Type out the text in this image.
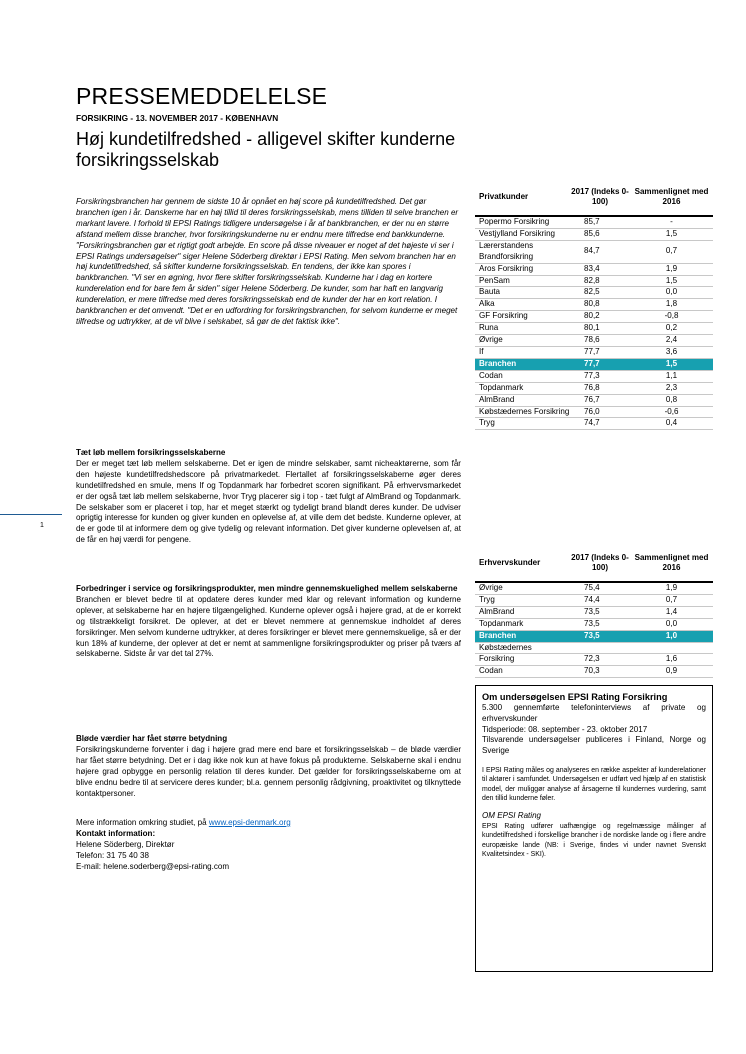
PRESSEMEDDELELSE
FORSIKRING - 13. NOVEMBER 2017 - KØBENHAVN
Høj kundetilfredshed - alligevel skifter kunderne forsikringsselskab
Forsikringsbranchen har gennem de sidste 10 år opnået en høj score på kundetilfredshed. Det gør branchen igen i år. Danskerne har en høj tillid til deres forsikringsselskab, mens tilliden til selve branchen er markant lavere. I forhold til EPSI Ratings tidligere undersøgelse i år af bankbranchen, er der nu en større afstand mellem disse brancher, hvor forsikringskunderne nu er endnu mere tilfredse end bankkunderne. "Forsikringsbranchen gør et rigtigt godt arbejde. En score på disse niveauer er noget af det højeste vi ser i EPSI Ratings undersøgelser" siger Helene Söderberg direktør i EPSI Rating. Men selvom branchen har en høj kundetilfredshed, så skifter kunderne forsikringsselskab. En tendens, der ikke kan spores i bankbranchen. "Vi ser en øgning, hvor flere skifter forsikringsselskab. Kunderne har i dag en kortere kunderelation end for bare fem år siden" siger Helene Söderberg. De kunder, som har haft en langvarig kunderelation, er mere tilfredse med deres forsikringsselskab end de kunder der har en kort relation. I bankbranchen er det omvendt. "Det er en udfordring for forsikringsbranchen, for selvom kunderne er meget tilfredse og udtrykker, at de vil blive i selskabet, så gør de det faktisk ikke".
Tæt løb mellem forsikringsselskaberne

Der er meget tæt løb mellem selskaberne. Det er igen de mindre selskaber, samt nicheaktørerne, som får den højeste kundetilfredshedscore på privatmarkedet. Flertallet af forsikringsselskaberne øger deres kundetilfredshed en smule, mens If og Topdanmark har forbedret scoren signifikant. På erhvervsmarkedet er der også tæt løb mellem selskaberne, hvor Tryg placerer sig i top - tæt fulgt af AlmBrand og Topdanmark. De selskaber som er placeret i top, har et meget stærkt og tydeligt brand blandt deres kunder. De udviser oprigtig interesse for kunden og giver kunden en oplevelse af, at ville dem det bedste. Kunderne oplever, at de er gode til at informere dem og give tydelig og relevant information. Det giver kunderne oplevelsen af, at de får en høj værdi for pengene.

Forbedringer i service og forsikringsprodukter, men mindre gennemskuelighed mellem selskaberne

Branchen er blevet bedre til at opdatere deres kunder med klar og relevant information og kunderne oplever, at selskaberne har en højere tilgængelighed. Kunderne oplever også i højere grad, at de er korrekt og tilstrækkeligt forsikret. De oplever, at det er blevet nemmere at gennemskue indholdet af deres forsikringer. Men selvom kunderne udtrykker, at deres forsikringer er blevet mere gennemskuelige, så er der kun 18% af kunderne, der oplever at det er nemt at sammenligne forsikringsprodukter og priser på tværs af selskaberne. Sidste år var det tal 27%.

Bløde værdier har fået større betydning

Forsikringskunderne forventer i dag i højere grad mere end bare et forsikringsselskab – de bløde værdier har fået større betydning. Det er i dag ikke nok kun at have fokus på produkterne. Selskaberne skal i endnu højere grad opbygge en personlig relation til deres kunder. Det gælder for forsikringsselskaberne om at blive endnu bedre til at servicere deres kunder; bl.a. gennem personlig rådgivning, proaktivitet og tilknyttede kontaktpersoner.

Mere information omkring studiet, på www.epsi-denmark.org
Kontakt information:
Helene Söderberg, Direktør
Telefon: 31 75 40 38
E-mail: helene.soderberg@epsi-rating.com
1
Privatkunder	2017 (Indeks 0-100)	Sammenlignet med 2016
Popermo Forsikring	85,7	-
Vestjylland Forsikring	85,6	1,5
Lærerstandens Brandforsikring	84,7	0,7
Aros Forsikring	83,4	1,9
PenSam	82,8	1,5
Bauta	82,5	0,0
Alka	80,8	1,8
GF Forsikring	80,2	-0,8
Runa	80,1	0,2
Øvrige	78,6	2,4
If	77,7	3,6
Branchen	77,7	1,5
Codan	77,3	1,1
Topdanmark	76,8	2,3
AlmBrand	76,7	0,8
Købstædernes Forsikring	76,0	-0,6
Tryg	74,7	0,4
Erhvervskunder	2017 (Indeks 0-100)	Sammenlignet med 2016
Øvrige	75,4	1,9
Tryg	74,4	0,7
AlmBrand	73,5	1,4
Topdanmark	73,5	0,0
Branchen	73,5	1,0
Købstædernes		
Forsikring	72,3	1,6
Codan	70,3	0,9
Om undersøgelsen EPSI Rating Forsikring

5.300 gennemførte telefoninterviews af private og erhvervskunder

Tidsperiode: 08. september - 23. oktober 2017

Tilsvarende undersøgelser publiceres i Finland, Norge og Sverige

I EPSI Rating måles og analyseres en række aspekter af kunderelationer til aktører i samfundet. Undersøgelsen er udført ved hjælp af en statistisk model, der muliggør analyse af årsagerne til kundernes vurdering, samt den tillid kunderne føler.

OM EPSI Rating

EPSI Rating udfører uafhængige og regelmæssige målinger af kundetilfredshed i forskellige brancher i de nordiske lande og i flere andre europæiske lande (NB: i Sverige, findes vi under navnet Svenskt Kvalitetsindex - SKI).
